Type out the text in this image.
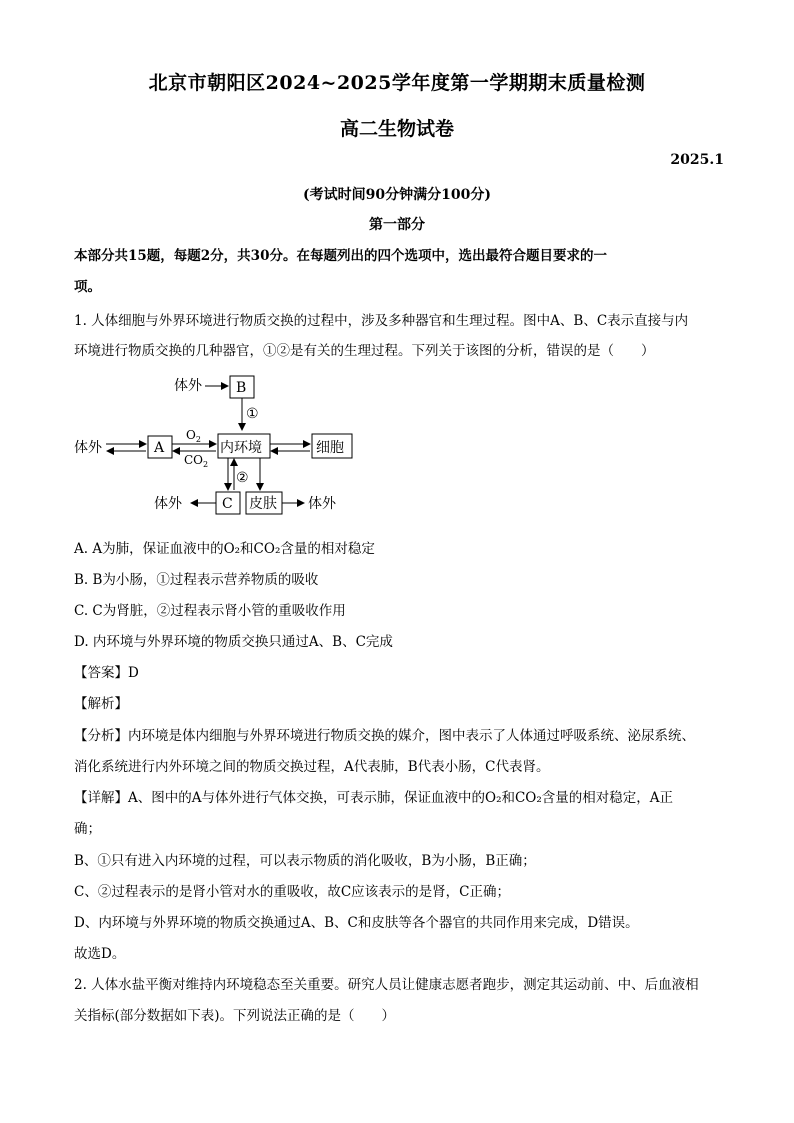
北京市朝阳区2024~2025学年度第一学期期末质量检测
高二生物试卷
2025.1
(考试时间90分钟满分100分)
第一部分
本部分共15题，每题2分，共30分。在每题列出的四个选项中，选出最符合题目要求的一
项。
1. 人体细胞与外界环境进行物质交换的过程中，涉及多种器官和生理过程。图中A、B、C表示直接与内
环境进行物质交换的几种器官，①②是有关的生理过程。下列关于该图的分析，错误的是（　　）
体外 B
①
体外	A
$O_2$
$CO_2$
内环境	细胞
②
C
体外	皮肤 体外
A. A为肺，保证血液中的O₂和CO₂含量的相对稳定
B. B为小肠，①过程表示营养物质的吸收
C. C为肾脏，②过程表示肾小管的重吸收作用
D. 内环境与外界环境的物质交换只通过A、B、C完成
【答案】D
【解析】
【分析】内环境是体内细胞与外界环境进行物质交换的媒介，图中表示了人体通过呼吸系统、泌尿系统、
消化系统进行内外环境之间的物质交换过程，A代表肺，B代表小肠，C代表肾。
【详解】A、图中的A与体外进行气体交换，可表示肺，保证血液中的O₂和CO₂含量的相对稳定，A正
确；
B、①只有进入内环境的过程，可以表示物质的消化吸收，B为小肠，B正确；
C、②过程表示的是肾小管对水的重吸收，故C应该表示的是肾，C正确；
D、内环境与外界环境的物质交换通过A、B、C和皮肤等各个器官的共同作用来完成，D错误。
故选D。
2. 人体水盐平衡对维持内环境稳态至关重要。研究人员让健康志愿者跑步，测定其运动前、中、后血液相
关指标(部分数据如下表)。下列说法正确的是（　　）
